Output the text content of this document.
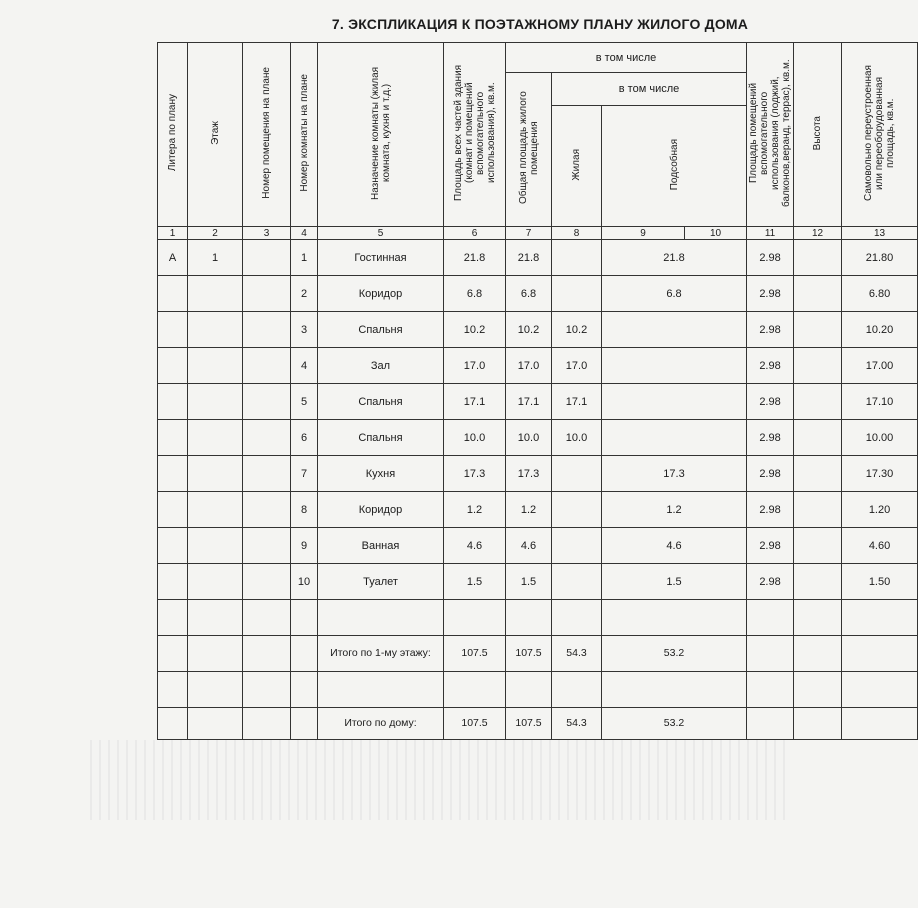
7. ЭКСПЛИКАЦИЯ К ПОЭТАЖНОМУ ПЛАНУ ЖИЛОГО ДОМА
Литера по плану	Этаж	Номер помещения на плане	Номер комнаты на плане	Назначение комнаты (жилая комната, кухня и т.д.)	Площадь всех частей здания (комнат и помещений вспомогательного использования), кв.м.	в том числе				Площадь помещений вспомогательного использования (лоджий, балконов,веранд, террас), кв.м.	Высота	Самовольно переустроенная или переоборудованная площадь, кв.м.	
						Общая площадь жилого помещения	в том числе						
							Жилая	Подсобная					
1	2	3	4	5	6	7	8	9	10	11	12	13	
А	1		1	Гостинная	21.8	21.8		21.8		2.98		21.80	
			2	Коридор	6.8	6.8		6.8		2.98		6.80	
			3	Спальня	10.2	10.2	10.2			2.98		10.20	
			4	Зал	17.0	17.0	17.0			2.98		17.00	
			5	Спальня	17.1	17.1	17.1			2.98		17.10	
			6	Спальня	10.0	10.0	10.0			2.98		10.00	
			7	Кухня	17.3	17.3		17.3		2.98		17.30	
			8	Коридор	1.2	1.2		1.2		2.98		1.20	
			9	Ванная	4.6	4.6		4.6		2.98		4.60	
			10	Туалет	1.5	1.5		1.5		2.98		1.50	

				Итого по 1-му этажу:	107.5	107.5	54.3	53.2					

				Итого по дому:	107.5	107.5	54.3	53.2					
